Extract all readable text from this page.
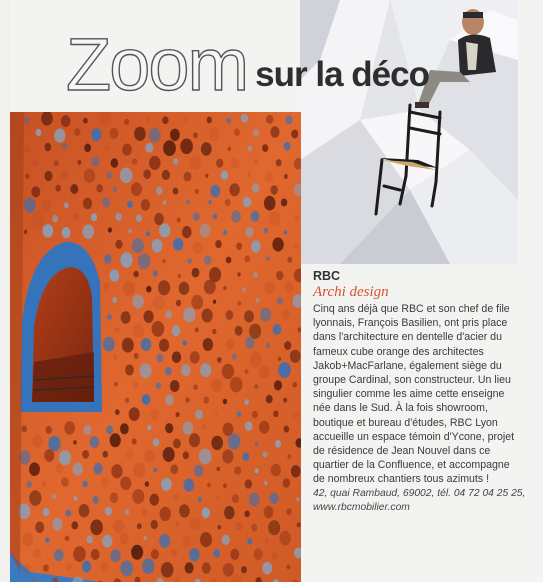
Zoom sur la déco

RBC

Archi design

Cinq ans déjà que RBC et son chef de file
lyonnais, François Basilien, ont pris place
dans l'architecture en dentelle d'acier du
fameux cube orange des architectes
Jakob+MacFarlane, également siège du
groupe Cardinal, son constructeur. Un lieu
singulier comme les aime cette enseigne
née dans le Sud. À la fois showroom,
boutique et bureau d'études, RBC Lyon
accueille un espace témoin d'Ycone, projet
de résidence de Jean Nouvel dans ce
quartier de la Confluence, et accompagne
de nombreux chantiers tous azimuts !

42, quai Rambaud, 69002, tél. 04 72 04 25 25,
www.rbcmobilier.com
